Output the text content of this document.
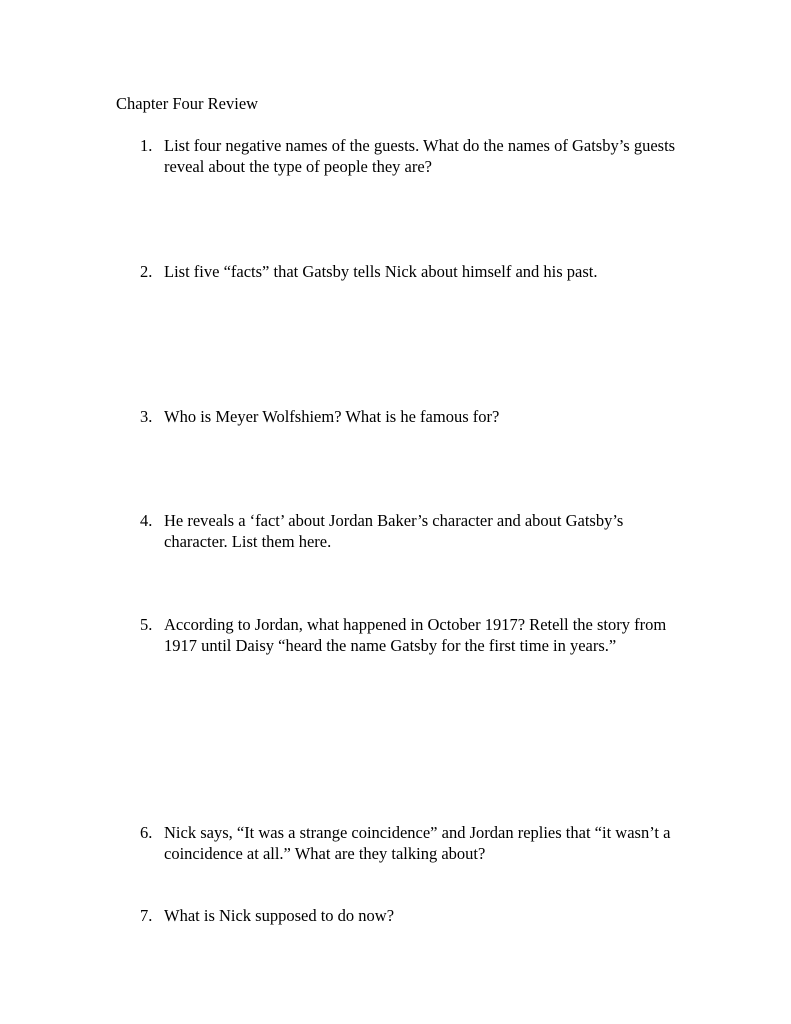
Chapter Four Review
1. List four negative names of the guests. What do the names of Gatsby’s guests reveal about the type of people they are?
2. List five “facts” that Gatsby tells Nick about himself and his past.
3. Who is Meyer Wolfshiem? What is he famous for?
4. He reveals a ‘fact’ about Jordan Baker’s character and about Gatsby’s character. List them here.
5. According to Jordan, what happened in October 1917? Retell the story from 1917 until Daisy “heard the name Gatsby for the first time in years.”
6. Nick says, “It was a strange coincidence” and Jordan replies that “it wasn’t a coincidence at all.” What are they talking about?
7. What is Nick supposed to do now?
